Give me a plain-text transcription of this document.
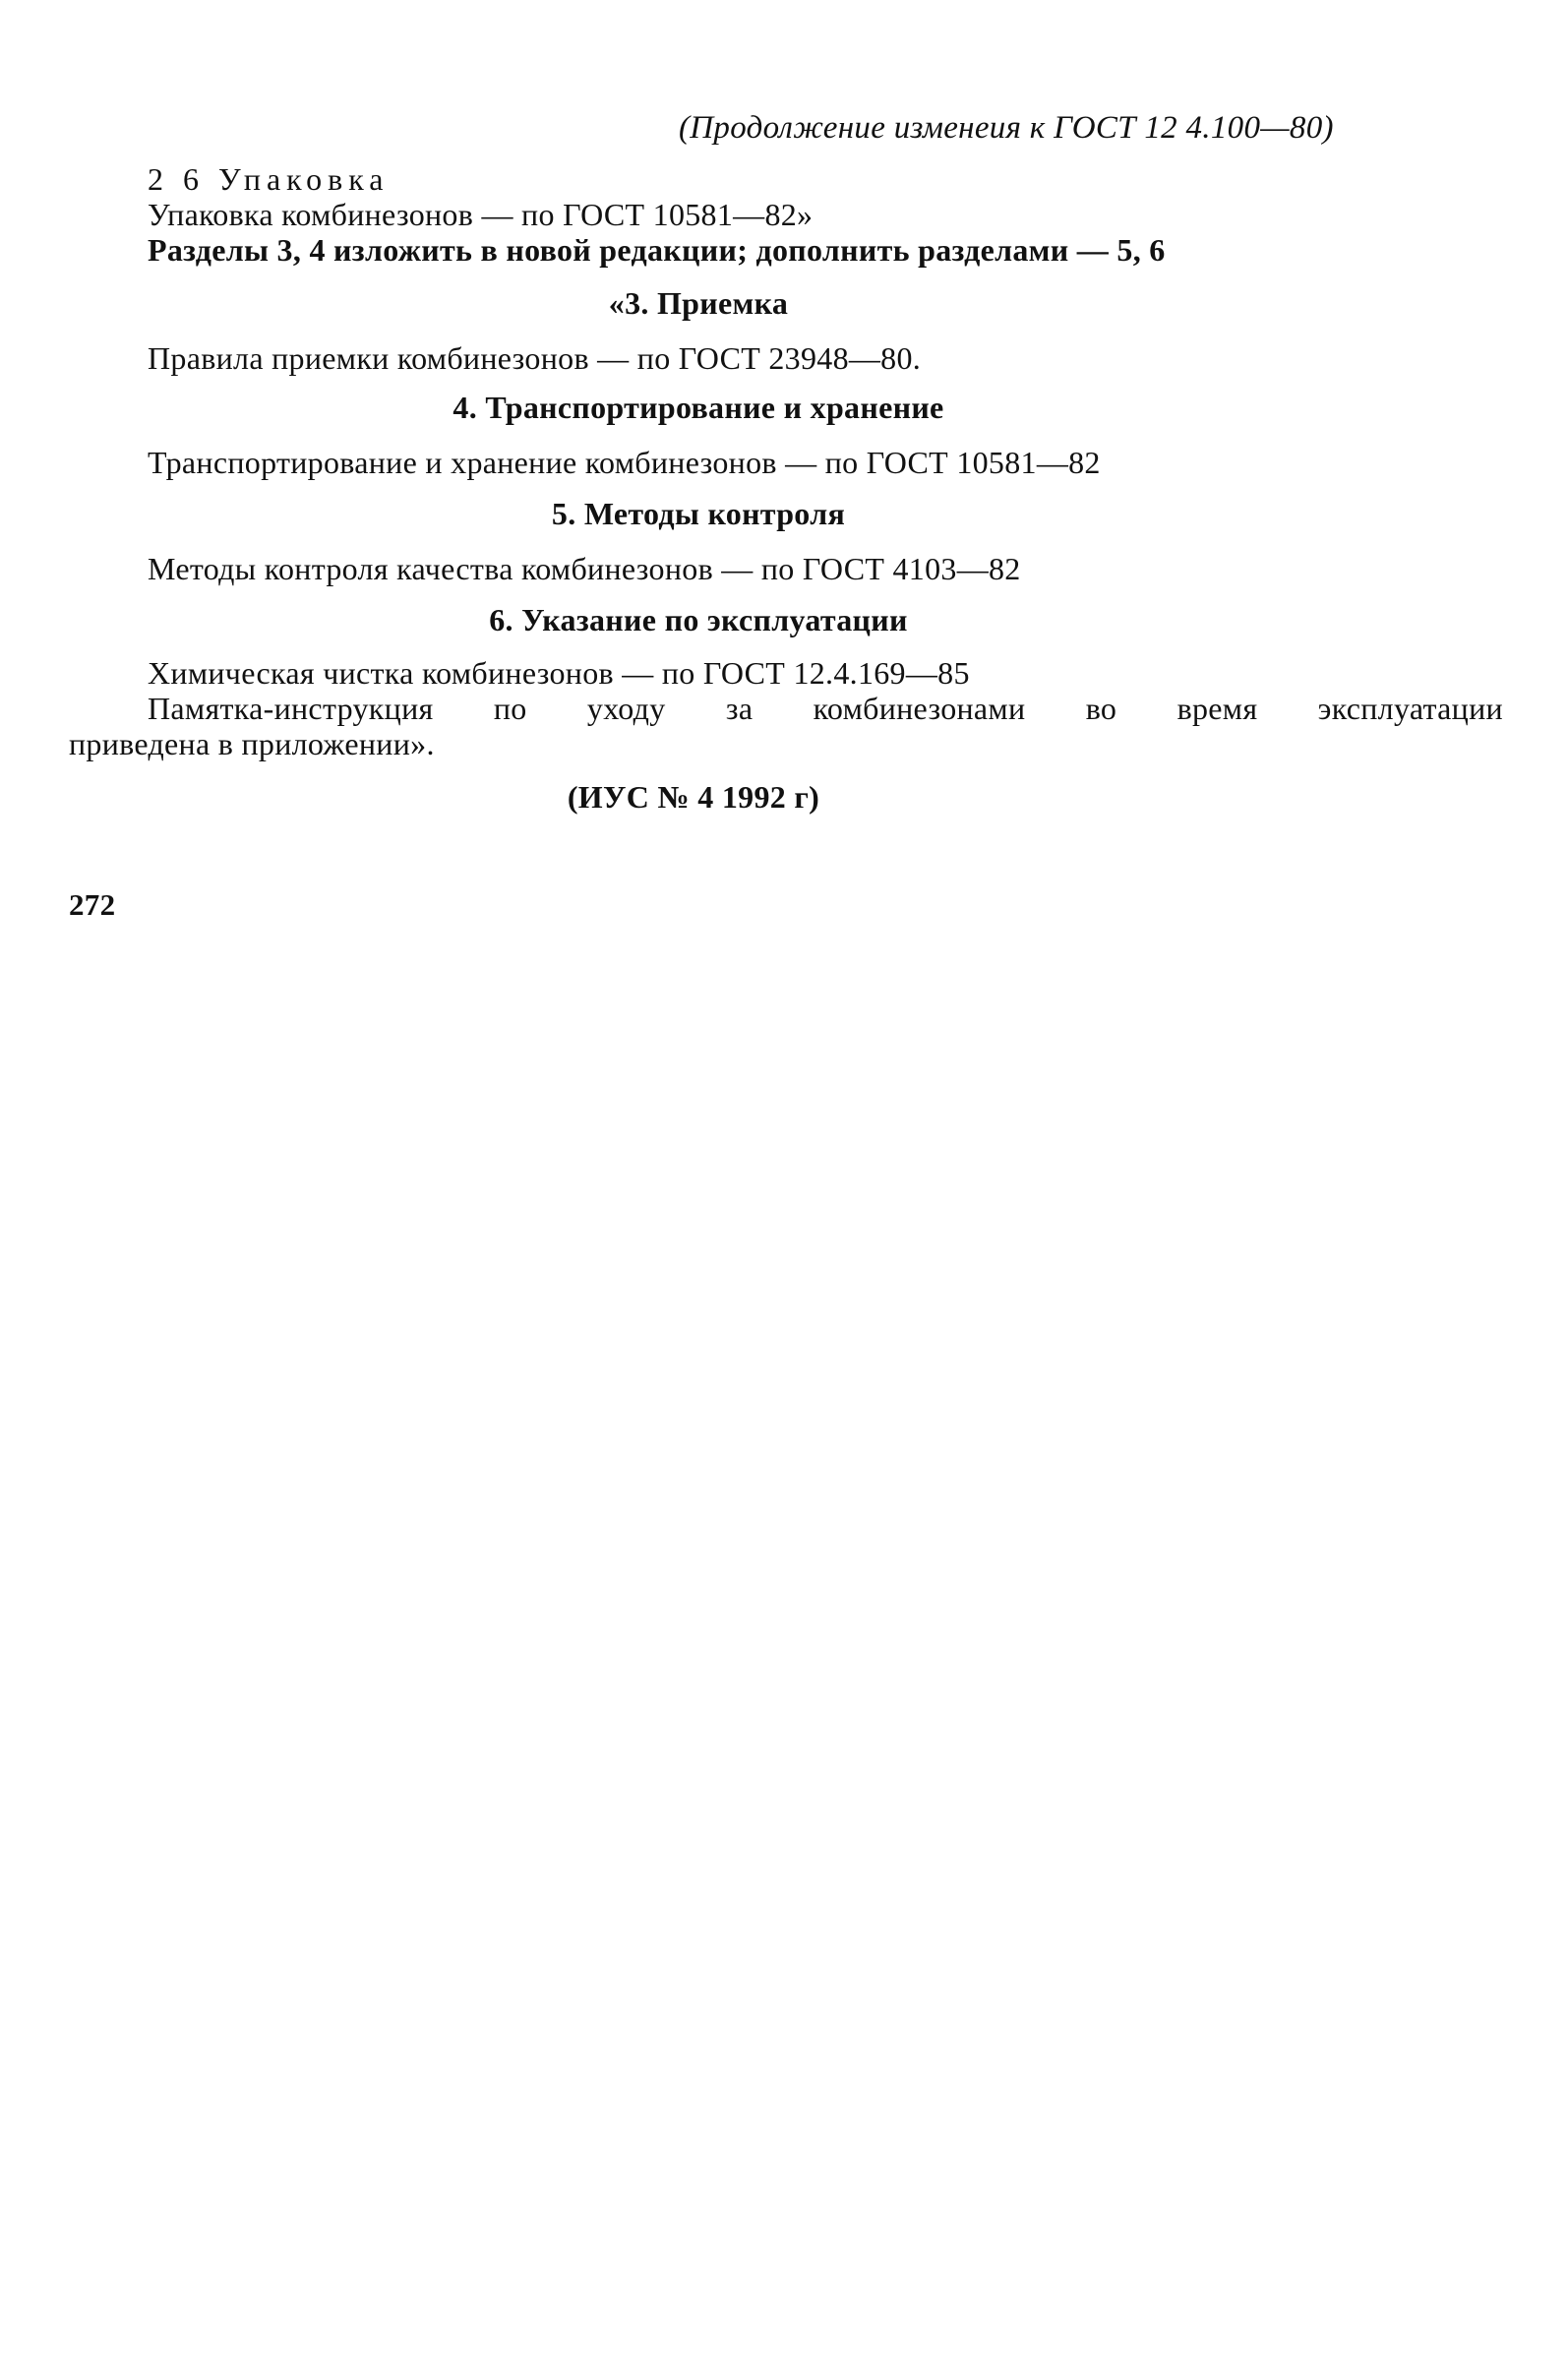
(Продолжение изменеия к ГОСТ 12 4.100—80)
2 6 Упаковка
Упаковка комбинезонов — по ГОСТ 10581—82»
Разделы 3, 4 изложить в новой редакции; дополнить разделами — 5, 6
«3. Приемка
Правила приемки комбинезонов — по ГОСТ 23948—80.
4. Транспортирование и хранение
Транспортирование и хранение комбинезонов — по ГОСТ 10581—82
5. Методы контроля
Методы контроля качества комбинезонов — по ГОСТ 4103—82
6. Указание по эксплуатации
Химическая чистка комбинезонов — по ГОСТ 12.4.169—85
Памятка-инструкция по уходу за комбинезонами во время эксплуатации
приведена в приложении».
(ИУС № 4 1992 г)
272
